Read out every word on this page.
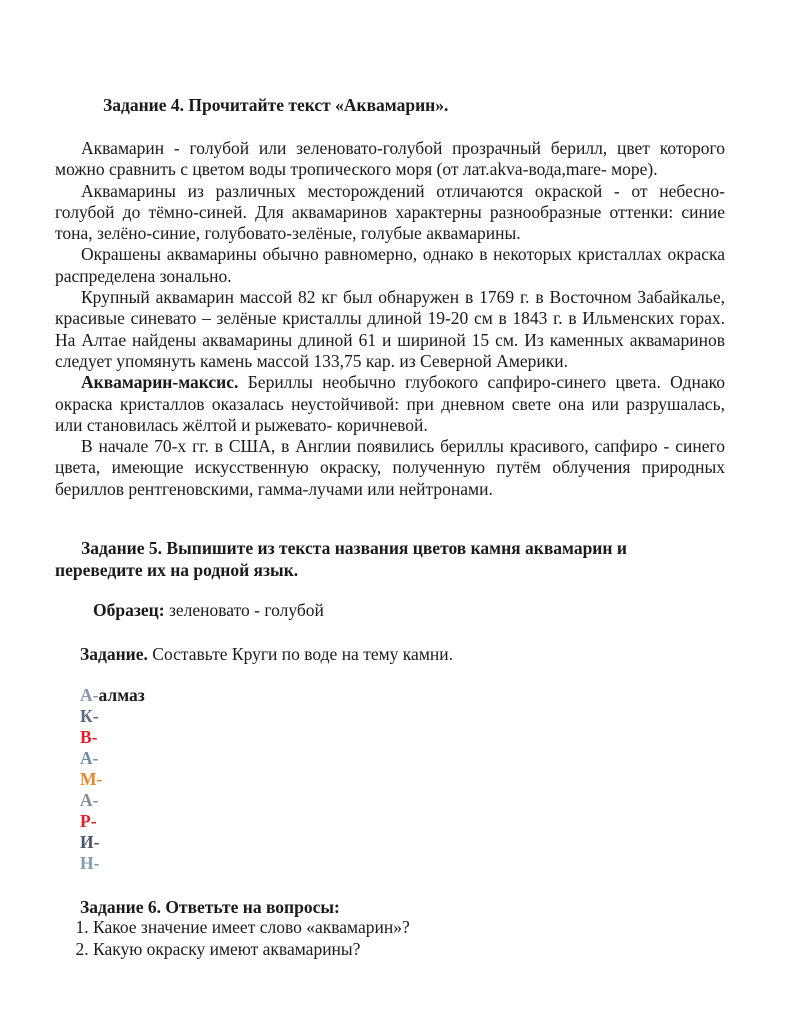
Задание 4. Прочитайте текст «Аквамарин».

Аквамарин - голубой или зеленовато-голубой прозрачный берилл, цвет которого можно сравнить с цветом воды тропического моря (от лат.akva-вода,mare- море).

Аквамарины из различных месторождений отличаются окраской - от небесно-голубой до тёмно-синей. Для аквамаринов характерны разнообразные оттенки: синие тона, зелёно-синие, голубовато-зелёные, голубые аквамарины.

Окрашены аквамарины обычно равномерно, однако в некоторых кристаллах окраска распределена зонально.

Крупный аквамарин массой 82 кг был обнаружен в 1769 г. в Восточном Забайкалье, красивые синевато – зелёные кристаллы длиной 19-20 см в 1843 г. в Ильменских горах. На Алтае найдены аквамарины длиной 61 и шириной 15 см. Из каменных аквамаринов следует упомянуть камень массой 133,75 кар. из Северной Америки.

Аквамарин-максис. Бериллы необычно глубокого сапфиро-синего цвета. Однако окраска кристаллов оказалась неустойчивой: при дневном свете она или разрушалась, или становилась жёлтой и рыжевато- коричневой.

В начале 70-х гг. в США, в Англии появились бериллы красивого, сапфиро - синего цвета, имеющие искусственную окраску, полученную путём облучения природных бериллов рентгеновскими, гамма-лучами или нейтронами.

Задание 5. Выпишите из текста названия цветов камня аквамарин и переведите их на родной язык.
Образец: зеленовато - голубой
Задание. Составьте Круги по воде на тему камни.
А-алмаз
К-
В-
А-
М-
А-
Р-
И-
Н-
Задание 6. Ответьте на вопросы:
1. Какое значение имеет слово «аквамарин»?
2. Какую окраску имеют аквамарины?
